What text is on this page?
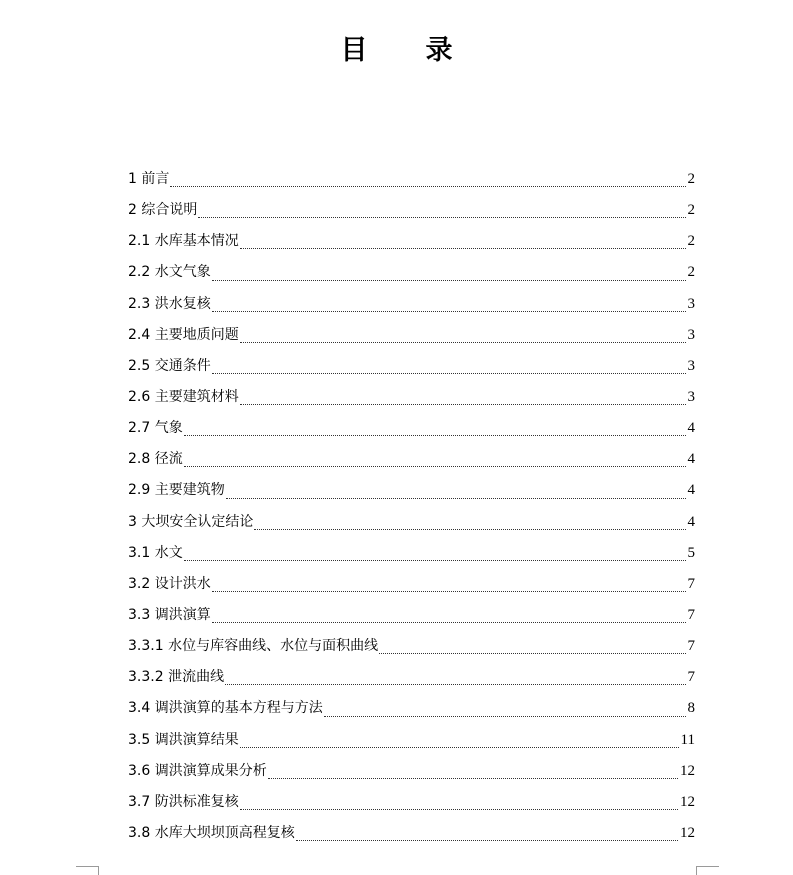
目录
1 前言	2
2 综合说明	2
2.1 水库基本情况	2
2.2 水文气象	2
2.3 洪水复核	3
2.4 主要地质问题	3
2.5 交通条件	3
2.6 主要建筑材料	3
2.7 气象	4
2.8 径流	4
2.9 主要建筑物	4
3 大坝安全认定结论	4
3.1 水文	5
3.2 设计洪水	7
3.3 调洪演算	7
3.3.1 水位与库容曲线、水位与面积曲线	7
3.3.2 泄流曲线	7
3.4 调洪演算的基本方程与方法	8
3.5 调洪演算结果	11
3.6 调洪演算成果分析	12
3.7 防洪标准复核	12
3.8 水库大坝坝顶高程复核	12
